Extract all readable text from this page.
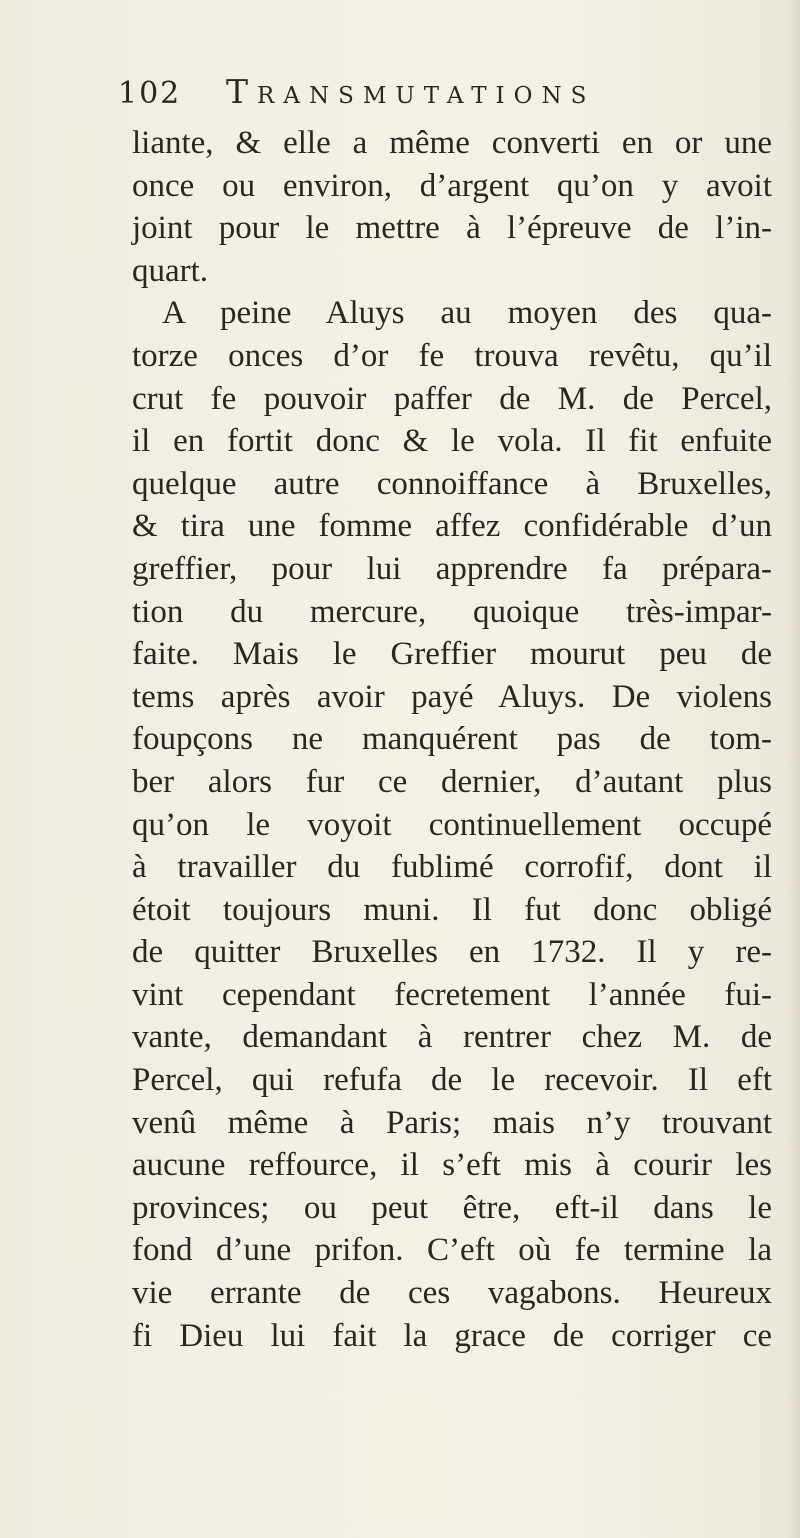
102 Transmutations
liante, & elle a même converti en or une
once ou environ, d’argent qu’on y avoit
joint pour le mettre à l’épreuve de l’in-
quart.
A peine Aluys au moyen des qua-
torze onces d’or fe trouva revêtu, qu’il
crut fe pouvoir paffer de M. de Percel,
il en fortit donc & le vola. Il fit enfuite
quelque autre connoiffance à Bruxelles,
& tira une fomme affez confidérable d’un
greffier, pour lui apprendre fa prépara-
tion du mercure, quoique très-impar-
faite. Mais le Greffier mourut peu de
tems après avoir payé Aluys. De violens
foupçons ne manquérent pas de tom-
ber alors fur ce dernier, d’autant plus
qu’on le voyoit continuellement occupé
à travailler du fublimé corrofif, dont il
étoit toujours muni. Il fut donc obligé
de quitter Bruxelles en 1732. Il y re-
vint cependant fecretement l’année fui-
vante, demandant à rentrer chez M. de
Percel, qui refufa de le recevoir. Il eft
venû même à Paris; mais n’y trouvant
aucune reffource, il s’eft mis à courir les
provinces; ou peut être, eft-il dans le
fond d’une prifon. C’eft où fe termine la
vie errante de ces vagabons. Heureux
fi Dieu lui fait la grace de corriger ce
